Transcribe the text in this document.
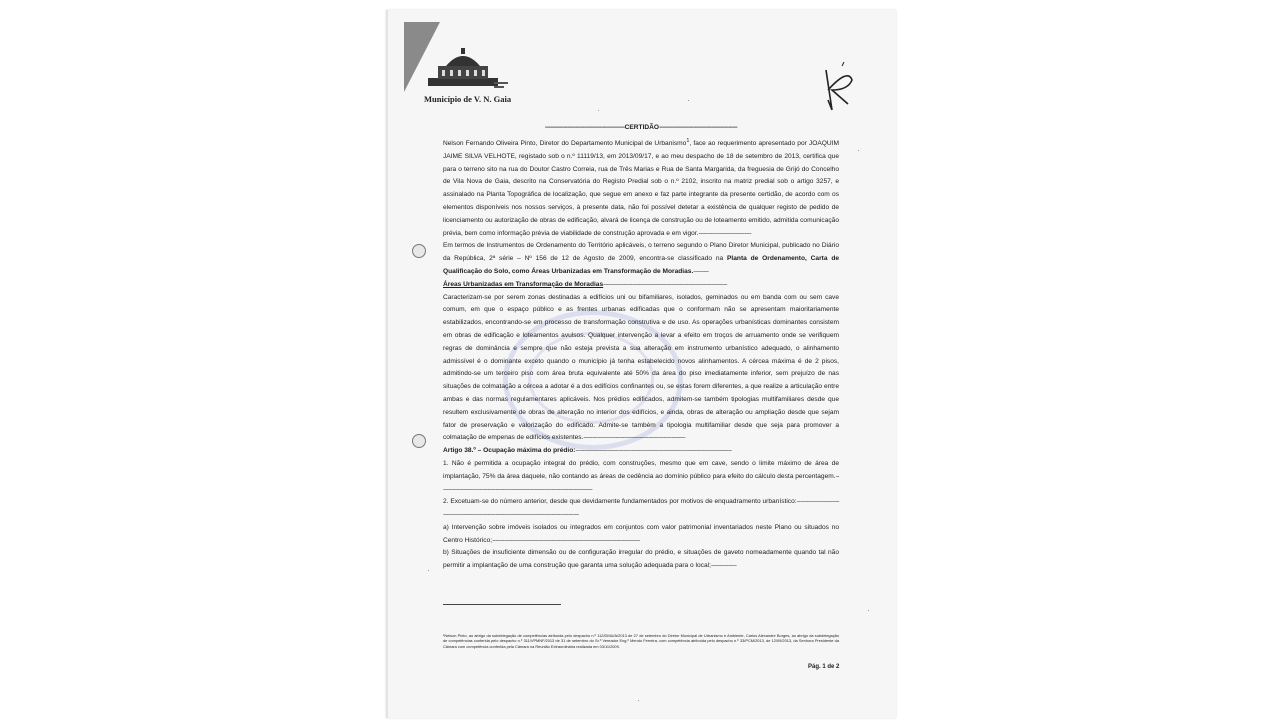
Município de V. N. Gaia

-----------------------------------------------CERTIDÃO----------------------------------------------

Nelson Fernando Oliveira Pinto, Diretor do Departamento Municipal de Urbanismo$^1$, face ao requerimento apresentado por JOAQUIM JAIME SILVA VELHOTE, registado sob o n.º 11119/13, em 2013/09/17, e ao meu despacho de 18 de setembro de 2013, certifica que para o terreno sito na rua do Doutor Castro Correia, rua de Três Marias e Rua de Santa Margarida, da freguesia de Grijó do Concelho de Vila Nova de Gaia, descrito na Conservatória do Registo Predial sob o n.º 2102, inscrito na matriz predial sob o artigo 3257, e assinalado na Planta Topográfica de localização, que segue em anexo e faz parte integrante da presente certidão, de acordo com os elementos disponíveis nos nossos serviços, à presente data, não foi possível detetar a existência de qualquer registo de pedido de licenciamento ou autorização de obras de edificação, alvará de licença de construção ou de loteamento emitido, admitida comunicação prévia, bem como informação prévia de viabilidade de construção aprovada e em vigor.-------------------------------

Em termos de Instrumentos de Ordenamento do Território aplicáveis, o terreno segundo o Plano Diretor Municipal, publicado no Diário da República, 2ª série – Nº 156 de 12 de Agosto de 2009, encontra-se classificado na Planta de Ordenamento, Carta de Qualificação do Solo, como Áreas Urbanizadas em Transformação de Moradias.---------

Áreas Urbanizadas em Transformação de Moradias-------------------------------------------------------------------------

Caracterizam-se por serem zonas destinadas a edifícios uni ou bifamiliares, isolados, geminados ou em banda com ou sem cave comum, em que o espaço público e as frentes urbanas edificadas que o conformam não se apresentam maioritariamente estabilizados, encontrando-se em processo de transformação construtiva e de uso. As operações urbanísticas dominantes consistem em obras de edificação e loteamentos avulsos. Qualquer intervenção a levar a efeito em troços de arruamento onde se verifiquem regras de dominância e sempre que não esteja prevista a sua alteração em instrumento urbanístico adequado, o alinhamento admissível é o dominante exceto quando o município já tenha estabelecido novos alinhamentos. A cércea máxima é de 2 pisos, admitindo-se um terceiro piso com área bruta equivalente até 50% da área do piso imediatamente inferior, sem prejuízo de nas situações de colmatação a cércea a adotar é a dos edifícios confinantes ou, se estas forem diferentes, a que realize a articulação entre ambas e das normas regulamentares aplicáveis. Nos prédios edificados, admitem-se também tipologias multifamiliares desde que resultem exclusivamente de obras de alteração no interior dos edifícios, e ainda, obras de alteração ou ampliação desde que sejam fator de preservação e valorização do edificado. Admite-se também a tipologia multifamiliar desde que seja para promover a colmatação de empenas de edifícios existentes.------------------------------------------------------------

Artigo 38.º – Ocupação máxima do prédio:--------------------------------------------------------------------------------------------

1. Não é permitida a ocupação integral do prédio, com construções, mesmo que em cave, sendo o limite máximo de área de implantação, 75% da área daquele, não contando as áreas de cedência ao domínio público para efeito do cálculo desta percentagem.------------------------------------------------------------------------------------------

2. Excetuam-se do número anterior, desde que devidamente fundamentados por motivos de enquadramento urbanístico:---------------------------------------------------------------------------------------------------------

a) Intervenção sobre imóveis isolados ou integrados em conjuntos com valor patrimonial inventariados neste Plano ou situados no Centro Histórico;---------------------------------------------------------------------------------------

b) Situações de insuficiente dimensão ou de configuração irregular do prédio, e situações de gaveto nomeadamente quando tal não permitir a implantação de uma construção que garanta uma solução adequada para o local;---------------

¹Nelson Pinto, ao abrigo da subdelegação de competências atribuída pelo despacho n.º 112/DMU/A/2013 de 27 de setembro do Diretor Municipal de Urbanismo e Ambiente, Carlos Alexandre Borges, ao abrigo da subdelegação de competências conferida pelo despacho n.º 311/VPMNF/2013 de 31 de setembro do Sr.º Vereador Eng.º Mendo Ferreira, com competência atribuída pelo despacho n.º 33/PCM/2013, de 12/09/2013, da Senhora Presidente da Câmara com competência conferida pela Câmara na Reunião Extraordinária realizada em 03/11/2009.
Pág. 1 de 2
